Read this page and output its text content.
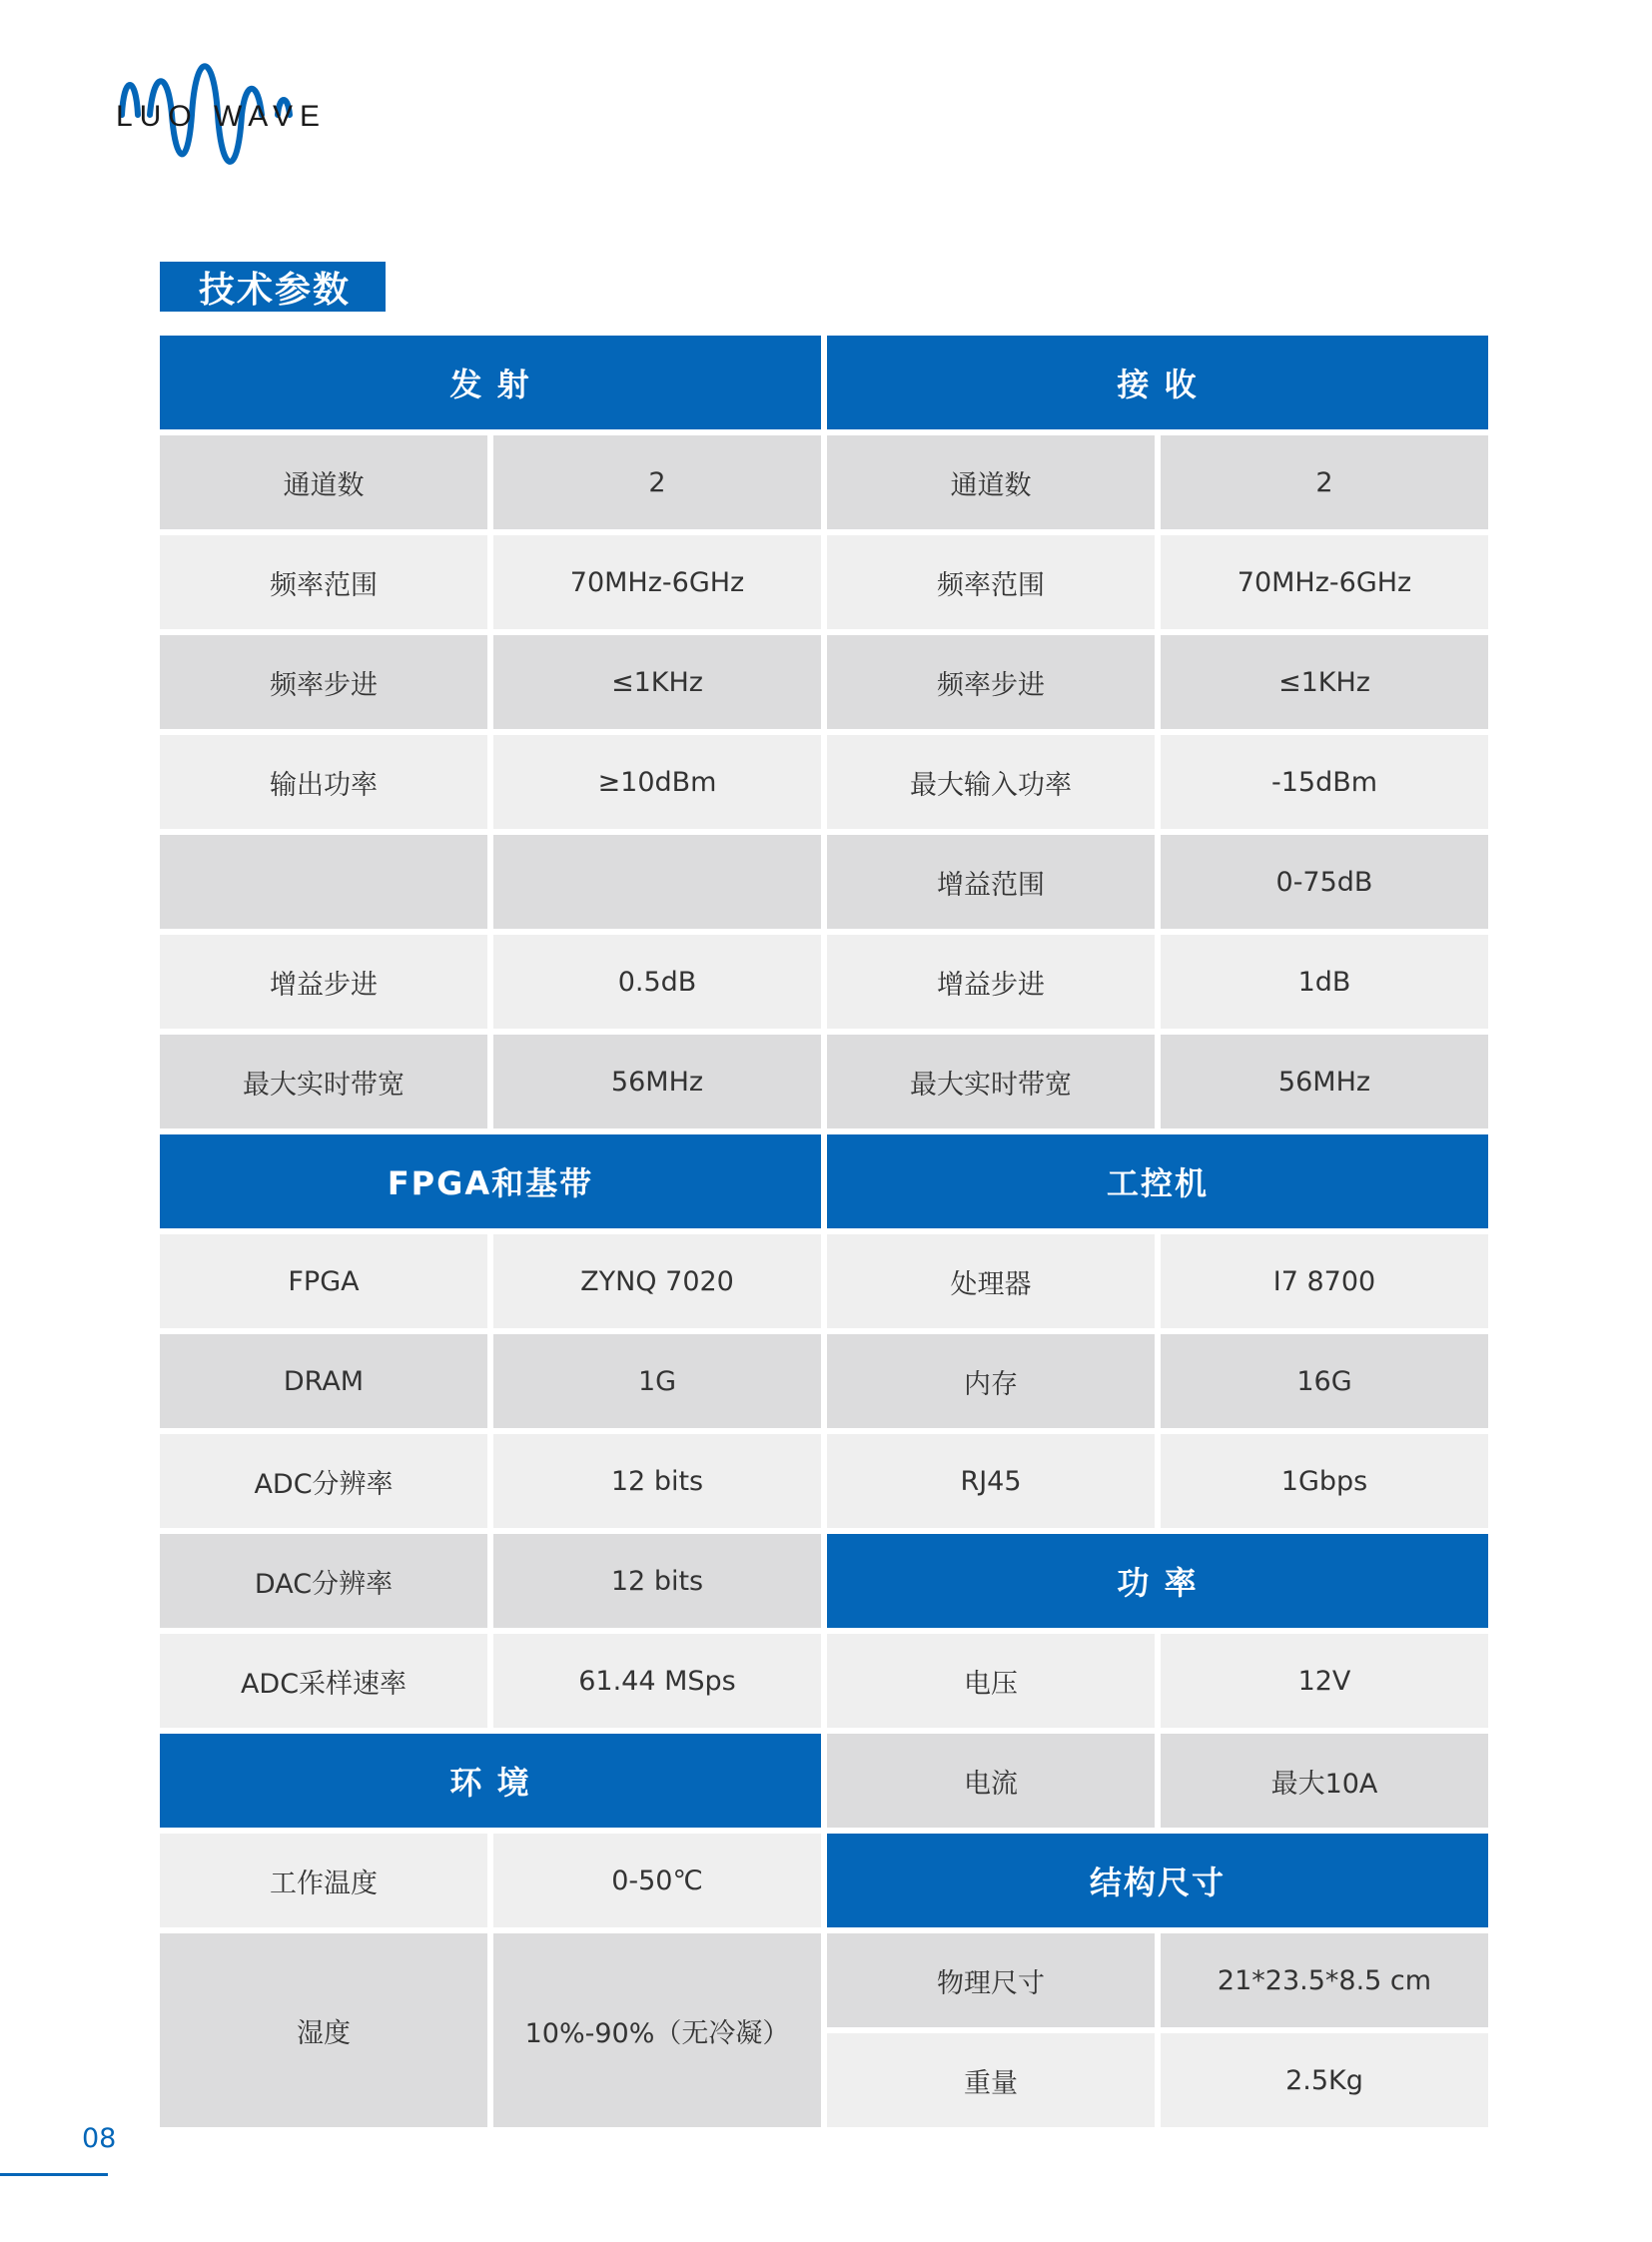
LUO WAVE
技术参数
发 射	接 收
通道数	2
频率范围	70MHz-6GHz
频率步进	≤1KHz
输出功率	≥10dBm
增益步进	0.5dB
最大实时带宽	56MHz
通道数	2
频率范围	70MHz-6GHz
频率步进	≤1KHz
最大输入功率	-15dBm
增益范围	0-75dB
增益步进	1dB
最大实时带宽	56MHz
FPGA和基带	工控机
FPGA	ZYNQ 7020
DRAM	1G
ADC分辨率	12 bits
DAC分辨率	12 bits
ADC采样速率	61.44 MSps
处理器	I7 8700
内存	16G
RJ45	1Gbps
功 率
电压	12V
电流	最大10A
环 境
工作温度	0-50℃
湿度	10%-90%（无冷凝）
结构尺寸
物理尺寸	21*23.5*8.5 cm
重量	2.5Kg
08
